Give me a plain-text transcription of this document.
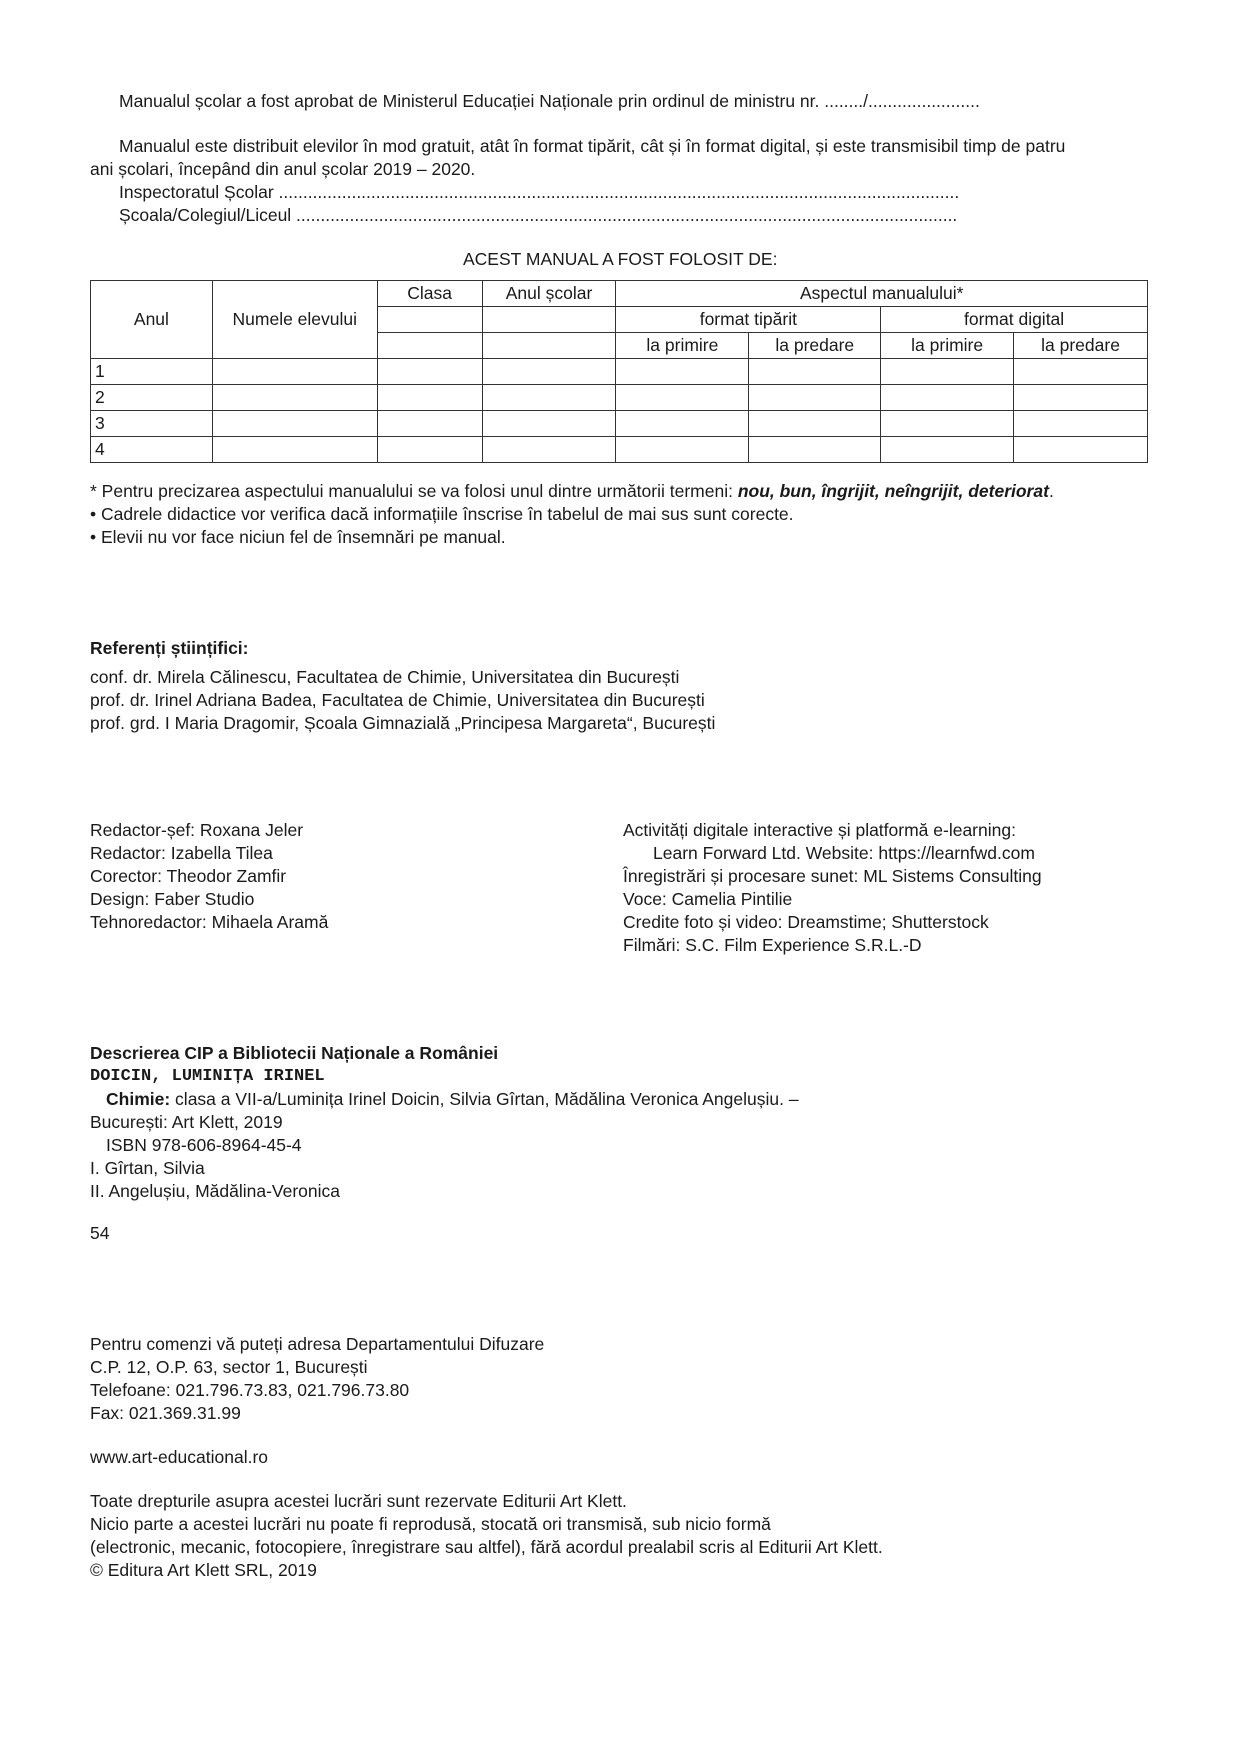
Manualul școlar a fost aprobat de Ministerul Educației Naționale prin ordinul de ministru nr. ......../.......................
Manualul este distribuit elevilor în mod gratuit, atât în format tipărit, cât și în format digital, și este transmisibil timp de patru
ani școlari, începând din anul școlar 2019 – 2020.
Inspectoratul Școlar ............................................................................................................................................
Școala/Colegiul/Liceul ........................................................................................................................................
ACEST MANUAL A FOST FOLOSIT DE:
Anul	Numele elevului	Clasa	Anul școlar	Aspectul manualului*			
				format tipărit		format digital	
				la primire	la predare	la primire	la predare
1							
2							
3							
4							
* Pentru precizarea aspectului manualului se va folosi unul dintre următorii termeni: nou, bun, îngrijit, neîngrijit, deteriorat.
• Cadrele didactice vor verifica dacă informațiile înscrise în tabelul de mai sus sunt corecte.
• Elevii nu vor face niciun fel de însemnări pe manual.
Referenți științifici:
conf. dr. Mirela Călinescu, Facultatea de Chimie, Universitatea din București
prof. dr. Irinel Adriana Badea, Facultatea de Chimie, Universitatea din București
prof. grd. I Maria Dragomir, Școala Gimnazială „Principesa Margareta“, București
Redactor-șef: Roxana Jeler
Redactor: Izabella Tilea
Corector: Theodor Zamfir
Design: Faber Studio
Tehnoredactor: Mihaela Aramă
Activități digitale interactive și platformă e-learning:
Learn Forward Ltd. Website: https://learnfwd.com
Înregistrări și procesare sunet: ML Sistems Consulting
Voce: Camelia Pintilie
Credite foto și video: Dreamstime; Shutterstock
Filmări: S.C. Film Experience S.R.L.-D
Descrierea CIP a Bibliotecii Naționale a României
DOICIN, LUMINIȚA IRINEL
Chimie: clasa a VII-a/Luminița Irinel Doicin, Silvia Gîrtan, Mădălina Veronica Angelușiu. –
București: Art Klett, 2019
ISBN 978-606-8964-45-4
I. Gîrtan, Silvia
II. Angelușiu, Mădălina-Veronica
54
Pentru comenzi vă puteți adresa Departamentului Difuzare
C.P. 12, O.P. 63, sector 1, București
Telefoane: 021.796.73.83, 021.796.73.80
Fax: 021.369.31.99
www.art-educational.ro
Toate drepturile asupra acestei lucrări sunt rezervate Editurii Art Klett.
Nicio parte a acestei lucrări nu poate fi reprodusă, stocată ori transmisă, sub nicio formă
(electronic, mecanic, fotocopiere, înregistrare sau altfel), fără acordul prealabil scris al Editurii Art Klett.
© Editura Art Klett SRL, 2019
